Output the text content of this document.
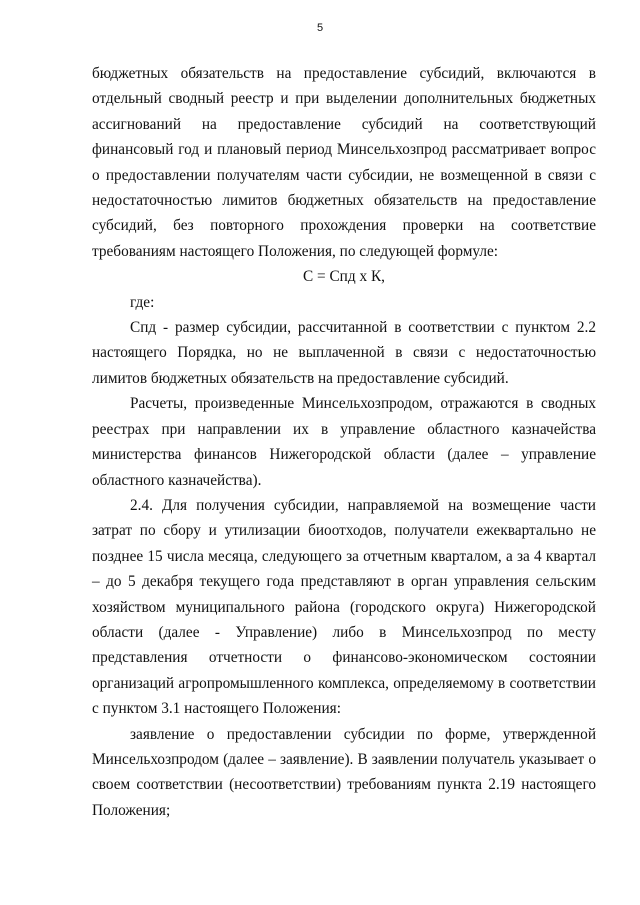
5

бюджетных обязательств на предоставление субсидий, включаются в отдельный сводный реестр и при выделении дополнительных бюджетных ассигнований на предоставление субсидий на соответствующий финансовый год и плановый период Минсельхозпрод рассматривает вопрос о предоставлении получателям части субсидии, не возмещенной в связи с недостаточностью лимитов бюджетных обязательств на предоставление субсидий, без повторного прохождения проверки на соответствие требованиям настоящего Положения, по следующей формуле:

С = Спд х К,

где:

Спд - размер субсидии, рассчитанной в соответствии с пунктом 2.2 настоящего Порядка, но не выплаченной в связи с недостаточностью лимитов бюджетных обязательств на предоставление субсидий.

Расчеты, произведенные Минсельхозпродом, отражаются в сводных реестрах при направлении их в управление областного казначейства министерства финансов Нижегородской области (далее – управление областного казначейства).

2.4. Для получения субсидии, направляемой на возмещение части затрат по сбору и утилизации биоотходов, получатели ежеквартально не позднее 15 числа месяца, следующего за отчетным кварталом, а за 4 квартал – до 5 декабря текущего года представляют в орган управления сельским хозяйством муниципального района (городского округа) Нижегородской области (далее - Управление) либо в Минсельхозпрод по месту представления отчетности о финансово-экономическом состоянии организаций агропромышленного комплекса, определяемому в соответствии с пунктом 3.1 настоящего Положения:

заявление о предоставлении субсидии по форме, утвержденной Минсельхозпродом (далее – заявление). В заявлении получатель указывает о своем соответствии (несоответствии) требованиям пункта 2.19 настоящего Положения;
